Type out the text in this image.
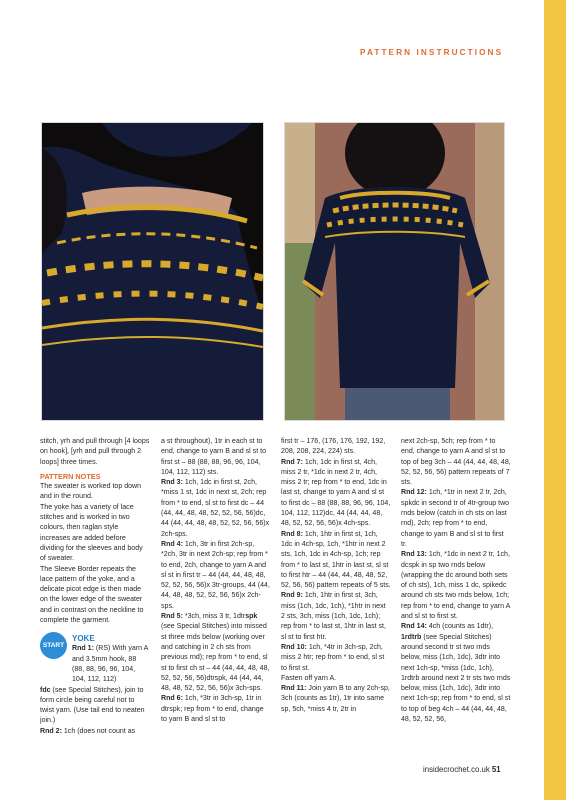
PATTERN INSTRUCTIONS

stitch, yrh and pull through [4 loops on hook], [yrh and pull through 2 loops] three times.

PATTERN NOTES

The sweater is worked top down and in the round.

The yoke has a variety of lace stitches and is worked in two colours, then raglan style increases are added before dividing for the sleeves and body of sweater.

The Sleeve Border repeats the lace pattern of the yoke, and a delicate picot edge is then made on the lower edge of the sweater and in contrast on the neckline to complete the garment.

START
YOKE
Rnd 1: (RS) With yarn A and 3.5mm hook, 88 (88, 88, 96, 96, 104, 104, 112, 112)

fdc (see Special Stitches), join to form circle being careful not to twist yarn. (Use tail end to neaten join.)

Rnd 2: 1ch (does not count as

a st throughout), 1tr in each st to end, change to yarn B and sl st to first st – 88 (88, 88, 96, 96, 104, 104, 112, 112) sts.

Rnd 3: 1ch, 1dc in first st, 2ch, *miss 1 st, 1dc in next st, 2ch; rep from * to end, sl st to first dc – 44 (44, 44, 48, 48, 52, 52, 56, 56)dc, 44 (44, 44, 48, 48, 52, 52, 56, 56)x 2ch-sps.

Rnd 4: 1ch, 3tr in first 2ch-sp, *2ch, 3tr in next 2ch-sp; rep from * to end, 2ch, change to yarn A and sl st in first tr – 44 (44, 44, 48, 48, 52, 52, 56, 56)x 3tr-groups, 44 (44, 44, 48, 48, 52, 52, 56, 56)x 2ch-sps.

Rnd 5: *3ch, miss 3 tr, 1dtrspk (see Special Stitches) into missed st three rnds below (working over and catching in 2 ch sts from previous rnd); rep from * to end, sl st to first ch st – 44 (44, 44, 48, 48, 52, 52, 56, 56)dtrspk, 44 (44, 44, 48, 48, 52, 52, 56, 56)x 3ch-sps.

Rnd 6: 1ch, *3tr in 3ch-sp, 1tr in dtrspk; rep from * to end, change to yarn B and sl st to

first tr – 176, (176, 176, 192, 192, 208, 208, 224, 224) sts.

Rnd 7: 1ch, 1dc in first st, 4ch, miss 2 tr, *1dc in next 2 tr, 4ch, miss 2 tr; rep from * to end, 1dc in last st, change to yarn A and sl st to first dc – 88 (88, 88, 96, 96, 104, 104, 112, 112)dc, 44 (44, 44, 48, 48, 52, 52, 56, 56)x 4ch-sps.

Rnd 8: 1ch, 1htr in first st, 1ch, 1dc in 4ch-sp, 1ch, *1htr in next 2 sts, 1ch, 1dc in 4ch-sp, 1ch; rep from * to last st, 1htr in last st, sl st to first htr – 44 (44, 44, 48, 48, 52, 52, 56, 56) pattern repeats of 5 sts.

Rnd 9: 1ch, 1htr in first st, 3ch, miss (1ch, 1dc, 1ch), *1htr in next 2 sts, 3ch, miss (1ch, 1dc, 1ch); rep from * to last st, 1htr in last st, sl st to first htr.

Rnd 10: 1ch, *4tr in 3ch-sp, 2ch, miss 2 htr; rep from * to end, sl st to first st.

Fasten off yarn A.

Rnd 11: Join yarn B to any 2ch-sp, 3ch (counts as 1tr), 1tr into same sp, 5ch, *miss 4 tr, 2tr in

next 2ch-sp, 5ch; rep from * to end, change to yarn A and sl st to top of beg 3ch – 44 (44, 44, 48, 48, 52, 52, 56, 56) pattern repeats of 7 sts.

Rnd 12: 1ch, *1tr in next 2 tr, 2ch, spkdc in second tr of 4tr-group two rnds below (catch in ch sts on last rnd), 2ch; rep from * to end, change to yarn B and sl st to first tr.

Rnd 13: 1ch, *1dc in next 2 tr, 1ch, dcspk in sp two rnds below (wrapping the dc around both sets of ch sts), 1ch, miss 1 dc, spikedc around ch sts two rnds below, 1ch; rep from * to end, change to yarn A and sl st to first st.

Rnd 14: 4ch (counts as 1dtr), 1rdtrb (see Special Stitches) around second tr st two rnds below, miss (1ch, 1dc), 3dtr into next 1ch-sp, *miss (1dc, 1ch), 1rdtrb around next 2 tr sts two rnds below, miss (1ch, 1dc), 3dtr into next 1ch-sp; rep from * to end, sl st to top of beg 4ch – 44 (44, 44, 48, 48, 52, 52, 56,

insidecrochet.co.uk 51
PassionForum.ru
